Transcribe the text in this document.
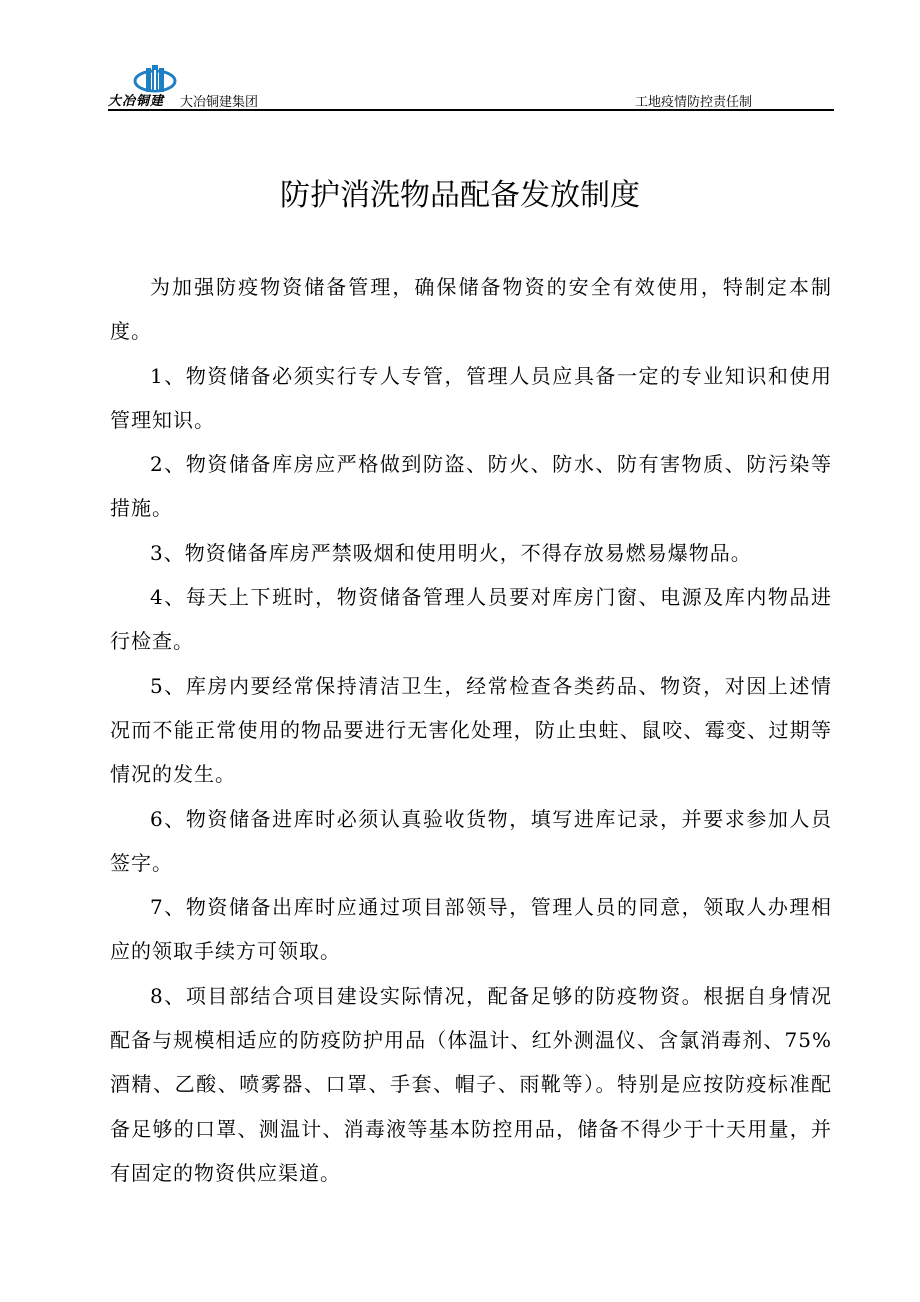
大冶铜建 大冶铜建集团	工地疫情防控责任制
防护消洗物品配备发放制度

为加强防疫物资储备管理，确保储备物资的安全有效使用，特制定本制度。

1、物资储备必须实行专人专管，管理人员应具备一定的专业知识和使用管理知识。

2、物资储备库房应严格做到防盗、防火、防水、防有害物质、防污染等措施。

3、物资储备库房严禁吸烟和使用明火，不得存放易燃易爆物品。

4、每天上下班时，物资储备管理人员要对库房门窗、电源及库内物品进行检查。

5、库房内要经常保持清洁卫生，经常检查各类药品、物资，对因上述情况而不能正常使用的物品要进行无害化处理，防止虫蛀、鼠咬、霉变、过期等情况的发生。

6、物资储备进库时必须认真验收货物，填写进库记录，并要求参加人员签字。

7、物资储备出库时应通过项目部领导，管理人员的同意，领取人办理相应的领取手续方可领取。

8、项目部结合项目建设实际情况，配备足够的防疫物资。根据自身情况配备与规模相适应的防疫防护用品（体温计、红外测温仪、含氯消毒剂、75%酒精、乙酸、喷雾器、口罩、手套、帽子、雨靴等）。特别是应按防疫标准配备足够的口罩、测温计、消毒液等基本防控用品，储备不得少于十天用量，并有固定的物资供应渠道。
